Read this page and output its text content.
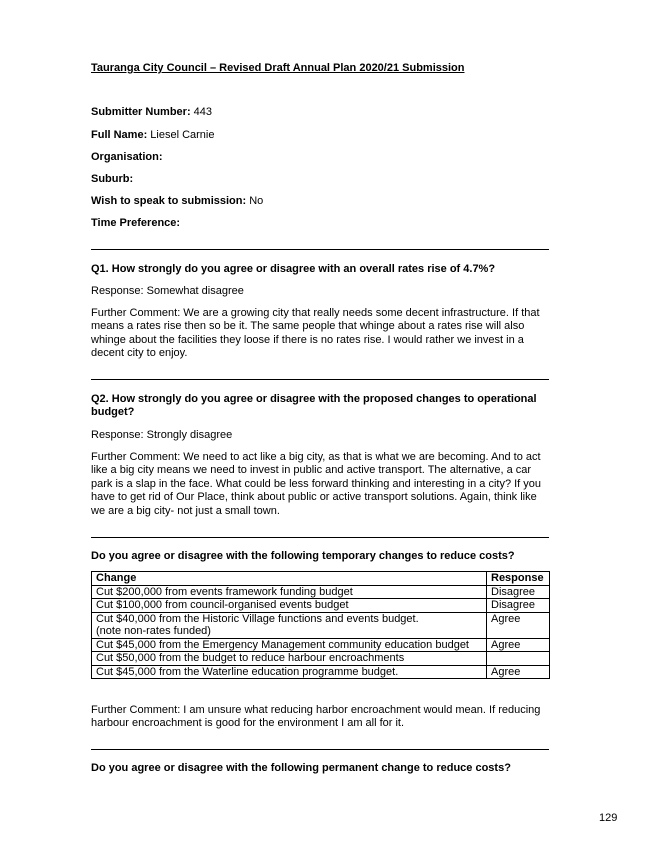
Tauranga City Council – Revised Draft Annual Plan 2020/21 Submission
Submitter Number: 443
Full Name: Liesel Carnie
Organisation:
Suburb:
Wish to speak to submission: No
Time Preference:
Q1. How strongly do you agree or disagree with an overall rates rise of 4.7%?
Response: Somewhat disagree
Further Comment: We are a growing city that really needs some decent infrastructure. If that means a rates rise then so be it. The same people that whinge about a rates rise will also whinge about the facilities they loose if there is no rates rise. I would rather we invest in a decent city to enjoy.
Q2. How strongly do you agree or disagree with the proposed changes to operational budget?
Response: Strongly disagree
Further Comment: We need to act like a big city, as that is what we are becoming. And to act like a big city means we need to invest in public and active transport. The alternative, a car park is a slap in the face. What could be less forward thinking and interesting in a city? If you have to get rid of Our Place, think about public or active transport solutions. Again, think like we are a big city- not just a small town.
Do you agree or disagree with the following temporary changes to reduce costs?
Change	Response
Cut $200,000 from events framework funding budget	Disagree
Cut $100,000 from council-organised events budget	Disagree
Cut $40,000 from the Historic Village functions and events budget.
(note non-rates funded)	Agree
Cut $45,000 from the Emergency Management community education budget	Agree
Cut $50,000 from the budget to reduce harbour encroachments	
Cut $45,000 from the Waterline education programme budget.	Agree
Further Comment: I am unsure what reducing harbor encroachment would mean. If reducing harbour encroachment is good for the environment I am all for it.
Do you agree or disagree with the following permanent change to reduce costs?
129
